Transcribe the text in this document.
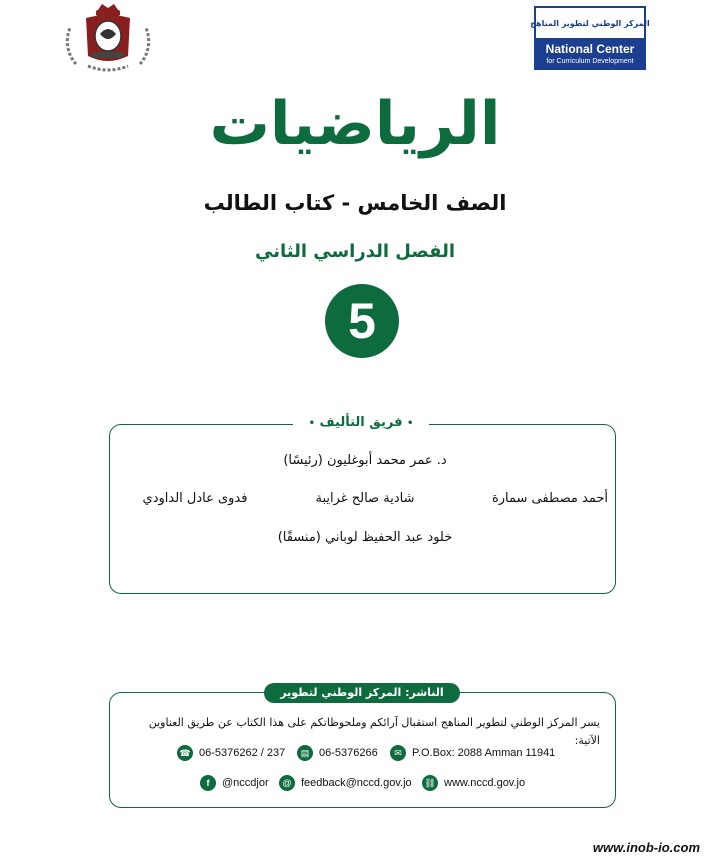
المركز الوطني لتطوير المناهج
National Center
for Curriculum Development
الرياضيات
الصف الخامس - كتاب الطالب
الفصل الدراسي الثاني
5
• فريق التأليف •
د. عمر محمد أبوغليون (رئيسًا)
أحمد مصطفى سمارة
شادية صالح غرايبة
فدوى عادل الداودي
خلود عبد الحفيظ لوباني (منسقًا)
الناشر: المركز الوطني لتطوير المناهج
يسر المركز الوطني لتطوير المناهج استقبال آرائكم وملحوظاتكم على هذا الكتاب عن طريق العناوين الآتية:
☎ 06-5376262 / 237	▤ 06-5376266	✉ P.O.Box: 2088 Amman 11941
f	@nccdjor	@ feedback@nccd.gov.jo ⛓ www.nccd.gov.jo
www.inob-io.com
